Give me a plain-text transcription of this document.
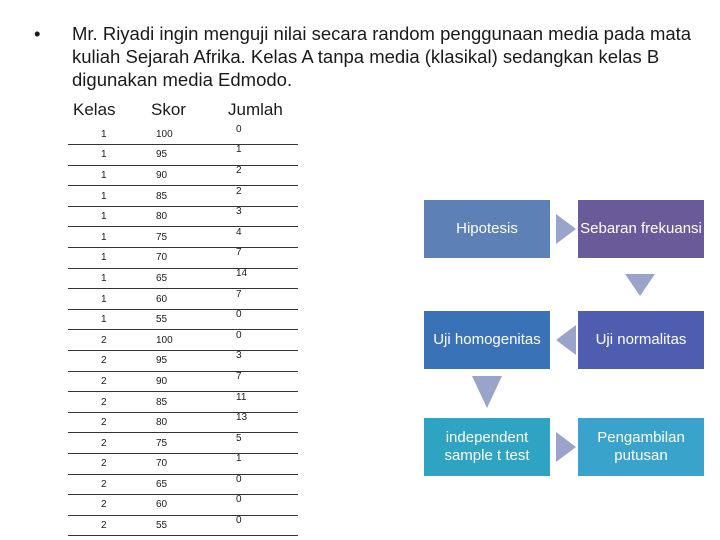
• Mr. Riyadi ingin menguji nilai secara random penggunaan media pada mata kuliah Sejarah Afrika. Kelas A tanpa media (klasikal) sedangkan kelas B digunakan media Edmodo.
Kelas Skor Jumlah
1	100	0
1	95	1
1	90	2
1	85	2
1	80	3
1	75	4
1	70	7
1	65	14
1	60	7
1	55	0
2	100	0
2	95	3
2	90	7
2	85	11
2	80	13
2	75	5
2	70	1
2	65	0
2	60	0
2	55	0
Hipotesis	Sebaran frekuansi
Uji homogenitas	Uji normalitas
independent sample t test
Pengambilan putusan
